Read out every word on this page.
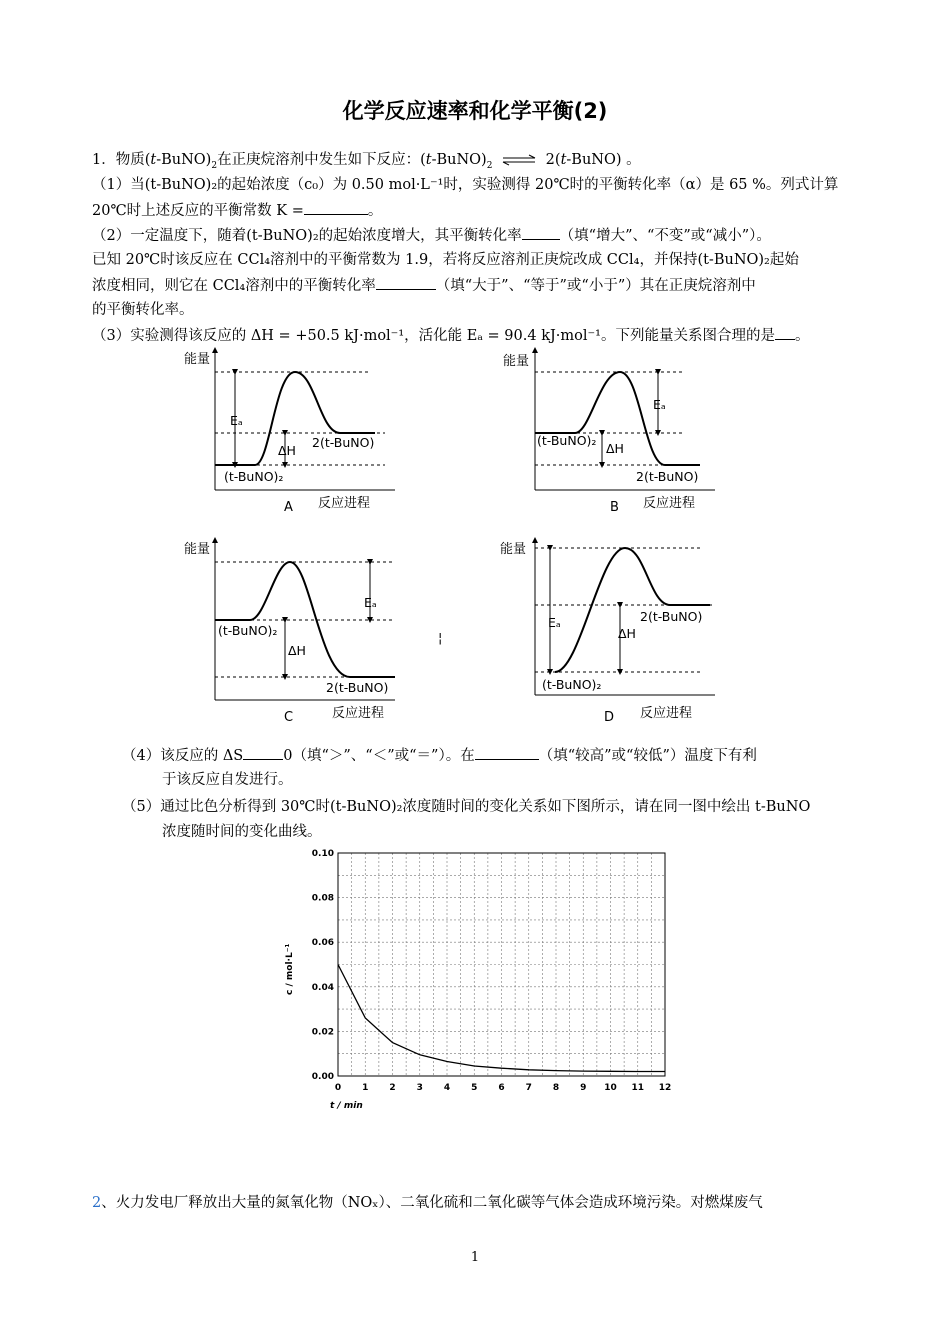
化学反应速率和化学平衡(2)
1．物质$(t-BuNO)_2$在正庚烷溶剂中发生如下反应：$(t-BuNO)_2$ ⇌ 2(t-BuNO) 。
（1）当(t-BuNO)₂的起始浓度（c₀）为 0.50 mol·L⁻¹时，实验测得 20℃时的平衡转化率（α）是 65 %。列式计算
20℃时上述反应的平衡常数 K =	。
（2）一定温度下，随着(t-BuNO)₂的起始浓度增大，其平衡转化率	（填“增大”、“不变”或“减小”）。
已知 20℃时该反应在 CCl₄溶剂中的平衡常数为 1.9，若将反应溶剂正庚烷改成 CCl₄，并保持(t-BuNO)₂起始
浓度相同，则它在 CCl₄溶剂中的平衡转化率	（填“大于”、“等于”或“小于”）其在正庚烷溶剂中
的平衡转化率。
（3）实验测得该反应的 ΔH = +50.5 kJ·mol⁻¹，活化能 Eₐ = 90.4 kJ·mol⁻¹。下列能量关系图合理的是 。
能量
Eₐ
ΔH
2(t-BuNO)
(t-BuNO)₂
A 反应进程
能量
Eₐ
ΔH
(t-BuNO)₂
2(t-BuNO)
B 反应进程
能量
Eₐ
ΔH
(t-BuNO)₂
2(t-BuNO)
C	反应进程
¦
能量
Eₐ
ΔH
2(t-BuNO)
(t-BuNO)₂
D 反应进程
（4）该反应的 ΔS	0（填“＞”、“＜”或“＝”）。在	（填“较高”或“较低”）温度下有利
于该反应自发进行。
（5）通过比色分析得到 30℃时(t-BuNO)₂浓度随时间的变化关系如下图所示，请在同一图中绘出 t-BuNO
浓度随时间的变化曲线。
0.00
0.02
0.04
0.06
0.08
0.10
0 1 2 3 4 5 6 7 8 9 10 11 12
t / min
c / mol·L⁻¹
2、火力发电厂释放出大量的氮氧化物（NOₓ）、二氧化硫和二氧化碳等气体会造成环境污染。对燃煤废气
1
